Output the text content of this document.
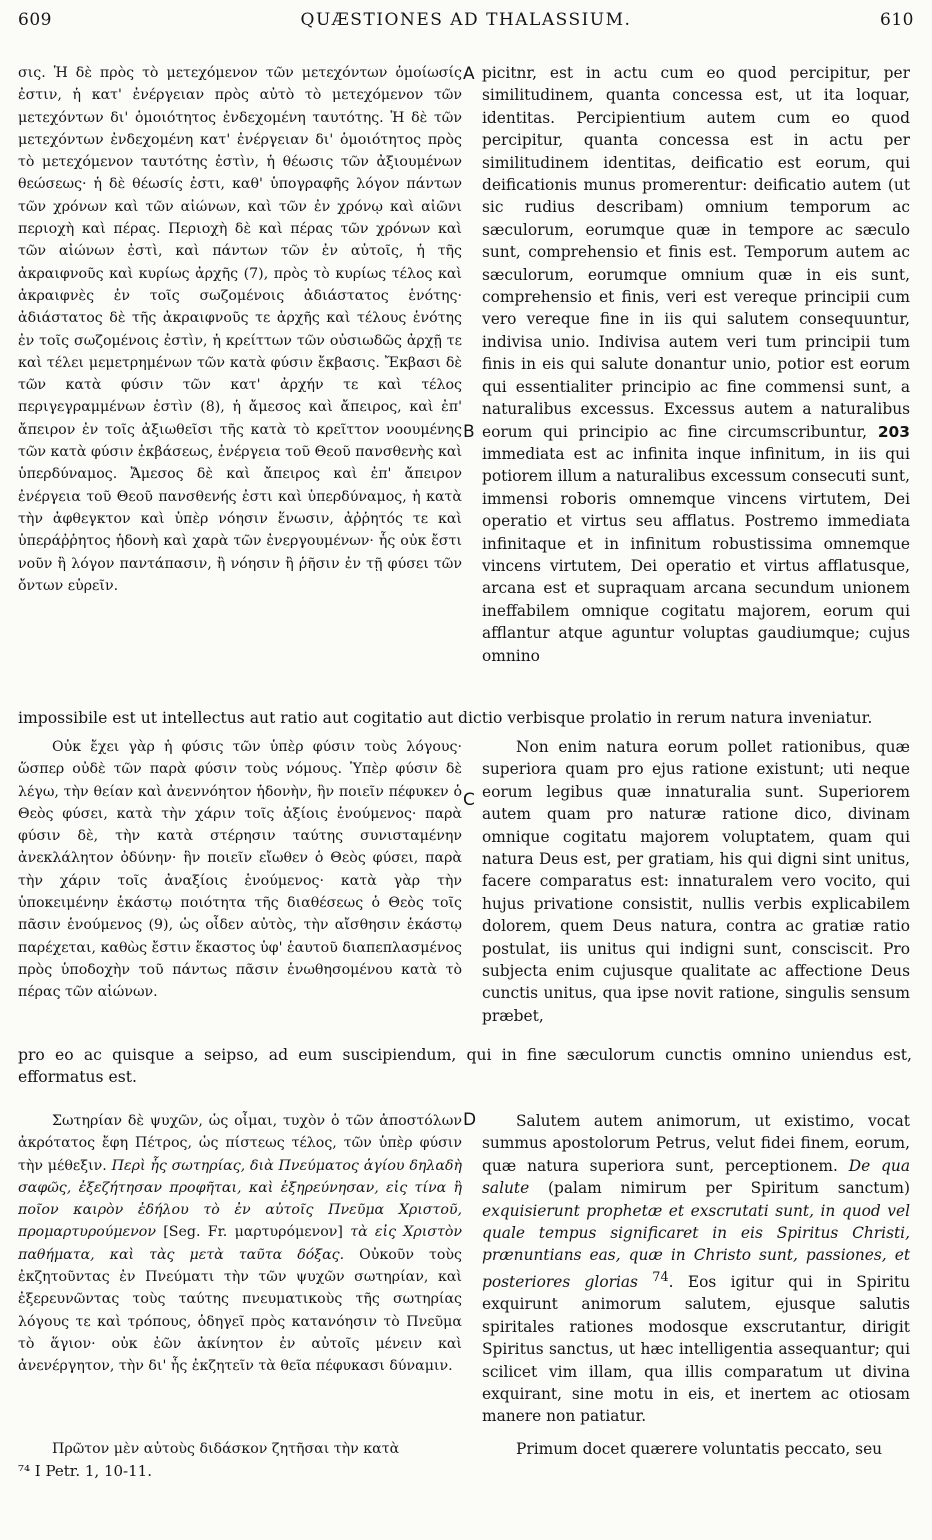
609	QUÆSTIONES AD THALASSIUM.	610
A
B
C
D

σις. Ἡ δὲ πρὸς τὸ μετεχόμενον τῶν μετεχόντων ὁμοίωσίς ἐστιν, ἡ κατ' ἐνέργειαν πρὸς αὐτὸ τὸ μετεχόμενον τῶν μετεχόντων δι' ὁμοιότητος ἐνδεχομένη ταυτότης. Ἡ δὲ τῶν μετεχόντων ἐνδεχομένη κατ' ἐνέργειαν δι' ὁμοιότητος πρὸς τὸ μετεχόμενον ταυτότης ἐστὶν, ἡ θέωσις τῶν ἀξιουμένων θεώσεως· ἡ δὲ θέωσίς ἐστι, καθ' ὑπογραφῆς λόγον πάντων τῶν χρόνων καὶ τῶν αἰώνων, καὶ τῶν ἐν χρόνῳ καὶ αἰῶνι περιοχὴ καὶ πέρας. Περιοχὴ δὲ καὶ πέρας τῶν χρόνων καὶ τῶν αἰώνων ἐστὶ, καὶ πάντων τῶν ἐν αὐτοῖς, ἡ τῆς ἀκραιφνοῦς καὶ κυρίως ἀρχῆς (7), πρὸς τὸ κυρίως τέλος καὶ ἀκραιφνὲς ἐν τοῖς σωζομένοις ἀδιάστατος ἑνότης· ἀδιάστατος δὲ τῆς ἀκραιφνοῦς τε ἀρχῆς καὶ τέλους ἑνότης ἐν τοῖς σωζομένοις ἐστὶν, ἡ κρείττων τῶν οὐσιωδῶς ἀρχῇ τε καὶ τέλει μεμετρημένων τῶν κατὰ φύσιν ἔκβασις. Ἔκβασι δὲ τῶν κατὰ φύσιν τῶν κατ' ἀρχήν τε καὶ τέλος περιγεγραμμένων ἐστὶν (8), ἡ ἄμεσος καὶ ἄπειρος, καὶ ἐπ' ἄπειρον ἐν τοῖς ἀξιωθεῖσι τῆς κατὰ τὸ κρεῖττον νοουμένης τῶν κατὰ φύσιν ἐκβάσεως, ἐνέργεια τοῦ Θεοῦ πανσθενὴς καὶ ὑπερδύναμος. Ἄμεσος δὲ καὶ ἄπειρος καὶ ἐπ' ἄπειρον ἐνέργεια τοῦ Θεοῦ πανσθενής ἐστι καὶ ὑπερδύναμος, ἡ κατὰ τὴν ἀφθεγκτον καὶ ὑπὲρ νόησιν ἕνωσιν, ἀῤῥητός τε καὶ ὑπεράῤῥητος ἡδονὴ καὶ χαρὰ τῶν ἐνεργουμένων· ἧς οὐκ ἔστι νοῦν ἢ λόγον παντάπασιν, ἢ νόησιν ἢ ῥῆσιν ἐν τῇ φύσει τῶν ὄντων εὑρεῖν.

picitnr, est in actu cum eo quod percipitur, per similitudinem, quanta concessa est, ut ita loquar, identitas. Percipientium autem cum eo quod percipitur, quanta concessa est in actu per similitudinem identitas, deificatio est eorum, qui deificationis munus promerentur: deificatio autem (ut sic rudius describam) omnium temporum ac sæculorum, eorumque quæ in tempore ac sæculo sunt, comprehensio et finis est. Temporum autem ac sæculorum, eorumque omnium quæ in eis sunt, comprehensio et finis, veri est vereque principii cum vero vereque fine in iis qui salutem consequuntur, indivisa unio. Indivisa autem veri tum principii tum finis in eis qui salute donantur unio, potior est eorum qui essentialiter principio ac fine commensi sunt, a naturalibus excessus. Excessus autem a naturalibus eorum qui principio ac fine circumscribuntur, 203 immediata est ac infinita inque infinitum, in iis qui potiorem illum a naturalibus excessum consecuti sunt, immensi roboris omnemque vincens virtutem, Dei operatio et virtus seu afflatus. Postremo immediata infinitaque et in infinitum robustissima omnemque vincens virtutem, Dei operatio et virtus afflatusque, arcana est et supraquam arcana secundum unionem ineffabilem omnique cogitatu majorem, eorum qui afflantur atque aguntur voluptas gaudiumque; cujus omnino

impossibile est ut intellectus aut ratio aut cogitatio aut dictio verbisque prolatio in rerum natura inveniatur.

Οὐκ ἔχει γὰρ ἡ φύσις τῶν ὑπὲρ φύσιν τοὺς λόγους· ὥσπερ οὐδὲ τῶν παρὰ φύσιν τοὺς νόμους. Ὑπὲρ φύσιν δὲ λέγω, τὴν θείαν καὶ ἀνεννόητον ἡδονὴν, ἣν ποιεῖν πέφυκεν ὁ Θεὸς φύσει, κατὰ τὴν χάριν τοῖς ἀξίοις ἑνούμενος· παρὰ φύσιν δὲ, τὴν κατὰ στέρησιν ταύτης συνισταμένην ἀνεκλάλητον ὀδύνην· ἣν ποιεῖν εἴωθεν ὁ Θεὸς φύσει, παρὰ τὴν χάριν τοῖς ἀναξίοις ἑνούμενος· κατὰ γὰρ τὴν ὑποκειμένην ἑκάστῳ ποιότητα τῆς διαθέσεως ὁ Θεὸς τοῖς πᾶσιν ἑνούμενος (9), ὡς οἶδεν αὐτὸς, τὴν αἴσθησιν ἑκάστῳ παρέχεται, καθὼς ἔστιν ἕκαστος ὑφ' ἑαυτοῦ διαπεπλασμένος πρὸς ὑποδοχὴν τοῦ πάντως πᾶσιν ἑνωθησομένου κατὰ τὸ πέρας τῶν αἰώνων.

Non enim natura eorum pollet rationibus, quæ superiora quam pro ejus ratione existunt; uti neque eorum legibus quæ innaturalia sunt. Superiorem autem quam pro naturæ ratione dico, divinam omnique cogitatu majorem voluptatem, quam qui natura Deus est, per gratiam, his qui digni sint unitus, facere comparatus est: innaturalem vero vocito, qui hujus privatione consistit, nullis verbis explicabilem dolorem, quem Deus natura, contra ac gratiæ ratio postulat, iis unitus qui indigni sunt, consciscit. Pro subjecta enim cujusque qualitate ac affectione Deus cunctis unitus, qua ipse novit ratione, singulis sensum præbet,

pro eo ac quisque a seipso, ad eum suscipiendum, qui in fine sæculorum cunctis omnino uniendus est, efformatus est.

Σωτηρίαν δὲ ψυχῶν, ὡς οἶμαι, τυχὸν ὁ τῶν ἀποστόλων ἀκρότατος ἔφη Πέτρος, ὡς πίστεως τέλος, τῶν ὑπὲρ φύσιν τὴν μέθεξιν. Περὶ ἧς σωτηρίας, διὰ Πνεύματος ἁγίου δηλαδὴ σαφῶς, ἐξεζήτησαν προφῆται, καὶ ἐξηρεύνησαν, εἰς τίνα ἢ ποῖον καιρὸν ἐδήλου τὸ ἐν αὐτοῖς Πνεῦμα Χριστοῦ, προμαρτυρούμενον [Seg. Fr. μαρτυρόμενον] τὰ εἰς Χριστὸν παθήματα, καὶ τὰς μετὰ ταῦτα δόξας. Οὐκοῦν τοὺς ἐκζητοῦντας ἐν Πνεύματι τὴν τῶν ψυχῶν σωτηρίαν, καὶ ἐξερευνῶντας τοὺς ταύτης πνευματικοὺς τῆς σωτηρίας λόγους τε καὶ τρόπους, ὁδηγεῖ πρὸς κατανόησιν τὸ Πνεῦμα τὸ ἅγιον· οὐκ ἐῶν ἀκίνητον ἐν αὐτοῖς μένειν καὶ ἀνενέργητον, τὴν δι' ἧς ἐκζητεῖν τὰ θεῖα πέφυκασι δύναμιν.

Salutem autem animorum, ut existimo, vocat summus apostolorum Petrus, velut fidei finem, eorum, quæ natura superiora sunt, perceptionem. De qua salute (palam nimirum per Spiritum sanctum) exquisierunt prophetæ et exscrutati sunt, in quod vel quale tempus significaret in eis Spiritus Christi, prænuntians eas, quæ in Christo sunt, passiones, et posteriores glorias $^{74}$. Eos igitur qui in Spiritu exquirunt animorum salutem, ejusque salutis spiritales rationes modosque exscrutantur, dirigit Spiritus sanctus, ut hæc intelligentia assequantur; qui scilicet vim illam, qua illis comparatum ut divina exquirant, sine motu in eis, et inertem ac otiosam manere non patiatur.

Πρῶτον μὲν αὐτοὺς διδάσκον ζητῆσαι τὴν κατὰ	Primum docet quærere voluntatis peccato, seu

⁷⁴ I Petr. 1, 10-11.
